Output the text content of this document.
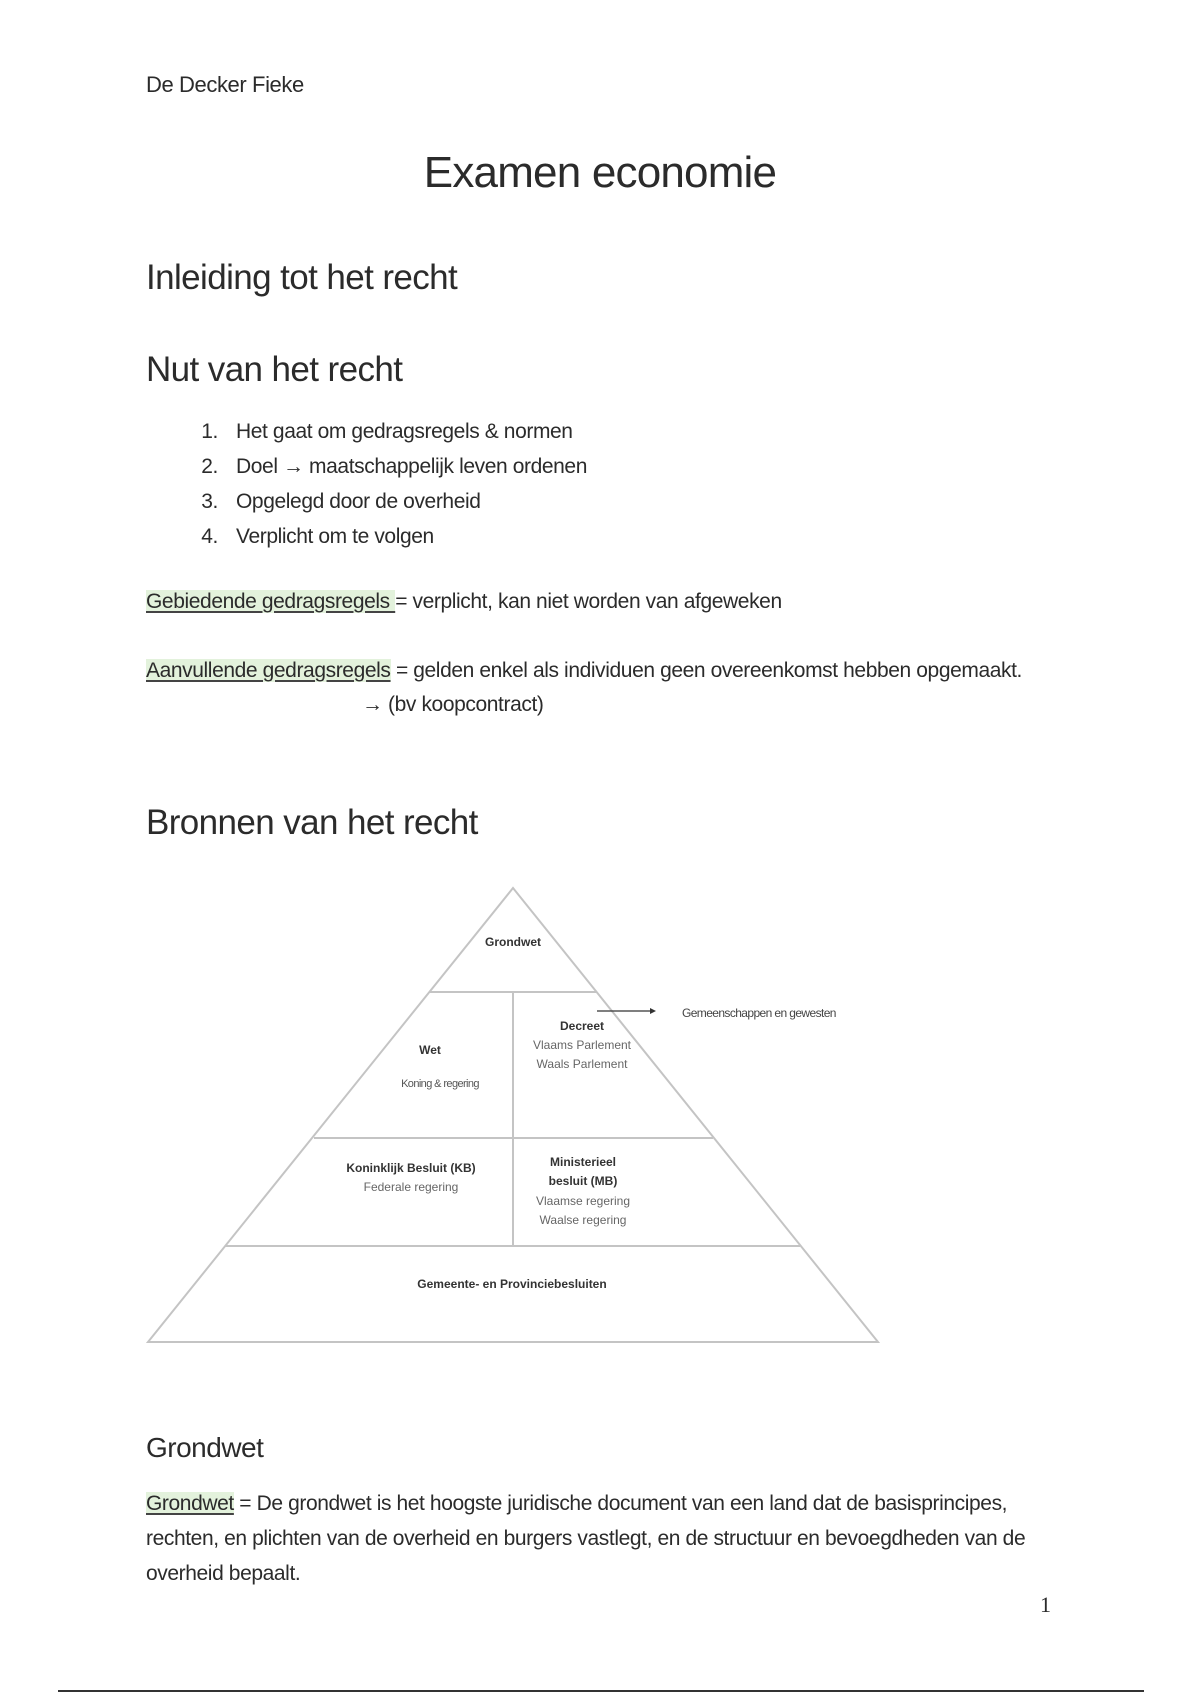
De Decker Fieke
Examen economie
Inleiding tot het recht
Nut van het recht
1. Het gaat om gedragsregels & normen
2. Doel → maatschappelijk leven ordenen
3. Opgelegd door de overheid
4. Verplicht om te volgen
Gebiedende gedragsregels = verplicht, kan niet worden van afgeweken
Aanvullende gedragsregels = gelden enkel als individuen geen overeenkomst hebben opgemaakt.
→ (bv koopcontract)
Bronnen van het recht
Gemeenschappen en gewesten
Grondwet
Wet
Koning & regering
Decreet
Vlaams Parlement
Waals Parlement
Koninklijk Besluit (KB)
Federale regering
Ministerieel
besluit (MB)
Vlaamse regering
Waalse regering
Gemeente- en Provinciebesluiten
Grondwet
Grondwet = De grondwet is het hoogste juridische document van een land dat de basisprincipes, rechten, en plichten van de overheid en burgers vastlegt, en de structuur en bevoegdheden van de overheid bepaalt.
1
